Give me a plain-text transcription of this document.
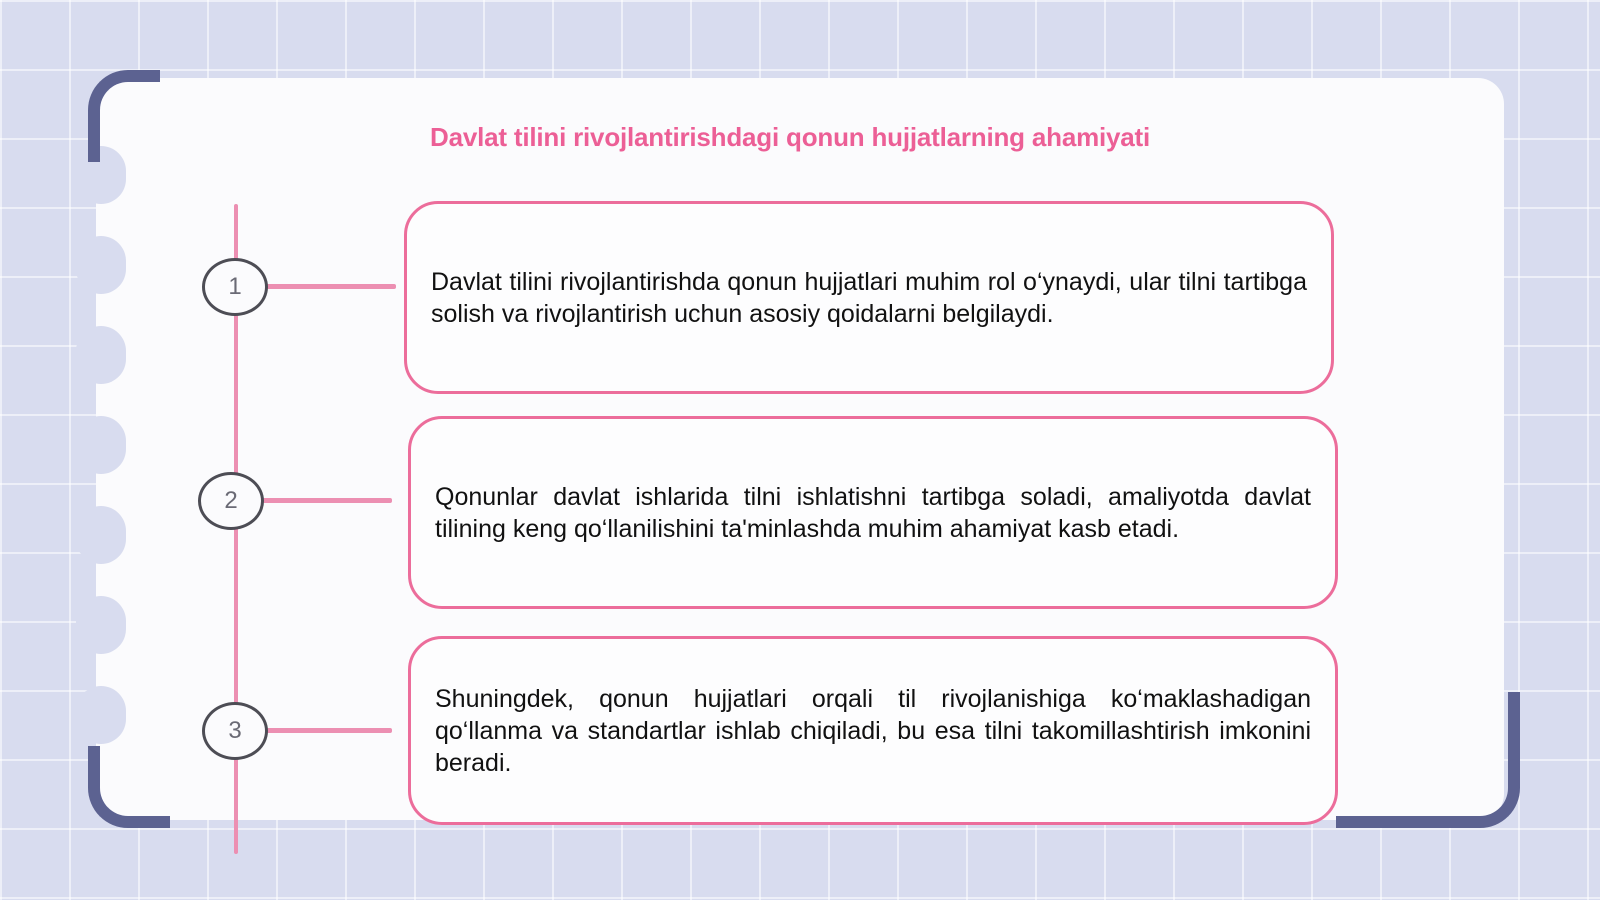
Davlat tilini rivojlantirishdagi qonun hujjatlarning ahamiyati
1	Davlat tilini rivojlantirishda qonun hujjatlari muhim rol o‘ynaydi, ular tilni tartibga solish va rivojlantirish uchun asosiy qoidalarni belgilaydi.

2	Qonunlar davlat ishlarida tilni ishlatishni tartibga soladi, amaliyotda davlat tilining keng qo‘llanilishini ta'minlashda muhim ahamiyat kasb etadi.

3

Shuningdek, qonun hujjatlari orqali til rivojlanishiga ko‘maklashadigan qo‘llanma va standartlar ishlab chiqiladi, bu esa tilni takomillashtirish imkonini beradi.
